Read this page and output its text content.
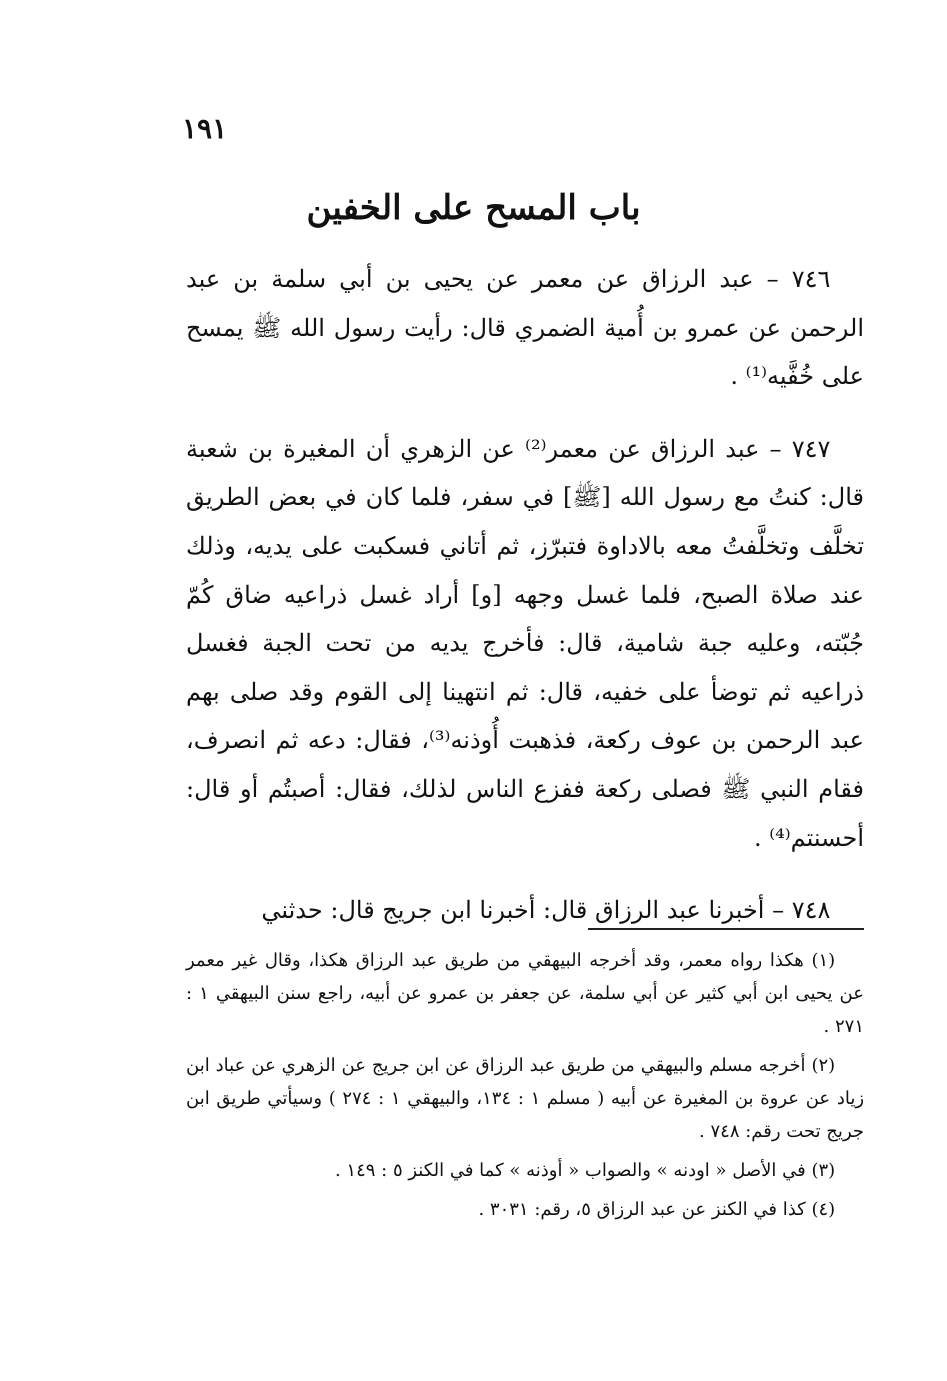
١٩١
باب المسح على الخفين

٧٤٦ – عبد الرزاق عن معمر عن يحيى بن أبي سلمة بن عبد الرحمن عن عمرو بن أُمية الضمري قال: رأيت رسول الله ﷺ يمسح على خُفَّيه⁽¹⁾ .

٧٤٧ – عبد الرزاق عن معمر⁽²⁾ عن الزهري أن المغيرة بن شعبة قال: كنتُ مع رسول الله [ﷺ] في سفر، فلما كان في بعض الطريق تخلَّف وتخلَّفتُ معه بالاداوة فتبرّز، ثم أتاني فسكبت على يديه، وذلك عند صلاة الصبح، فلما غسل وجهه [و] أراد غسل ذراعيه ضاق كُمّ جُبّته، وعليه جبة شامية، قال: فأخرج يديه من تحت الجبة فغسل ذراعيه ثم توضأ على خفيه، قال: ثم انتهينا إلى القوم وقد صلى بهم عبد الرحمن بن عوف ركعة، فذهبت أُوذنه⁽³⁾، فقال: دعه ثم انصرف، فقام النبي ﷺ فصلى ركعة ففزع الناس لذلك، فقال: أصبتُم أو قال: أحسنتم⁽⁴⁾ .

٧٤٨ – أخبرنا عبد الرزاق قال: أخبرنا ابن جريج قال: حدثني

(١) هكذا رواه معمر، وقد أخرجه البيهقي من طريق عبد الرزاق هكذا، وقال غير معمر عن يحيى ابن أبي كثير عن أبي سلمة، عن جعفر بن عمرو عن أبيه، راجع سنن البيهقي ١ : ٢٧١ .

(٢) أخرجه مسلم والبيهقي من طريق عبد الرزاق عن ابن جريج عن الزهري عن عباد ابن زياد عن عروة بن المغيرة عن أبيه ( مسلم ١ : ١٣٤، والبيهقي ١ : ٢٧٤ ) وسيأتي طريق ابن جريج تحت رقم: ٧٤٨ .

(٣) في الأصل « اودنه » والصواب « أوذنه » كما في الكنز ٥ : ١٤٩ .

(٤) كذا في الكنز عن عبد الرزاق ٥، رقم: ٣٠٣١ .
